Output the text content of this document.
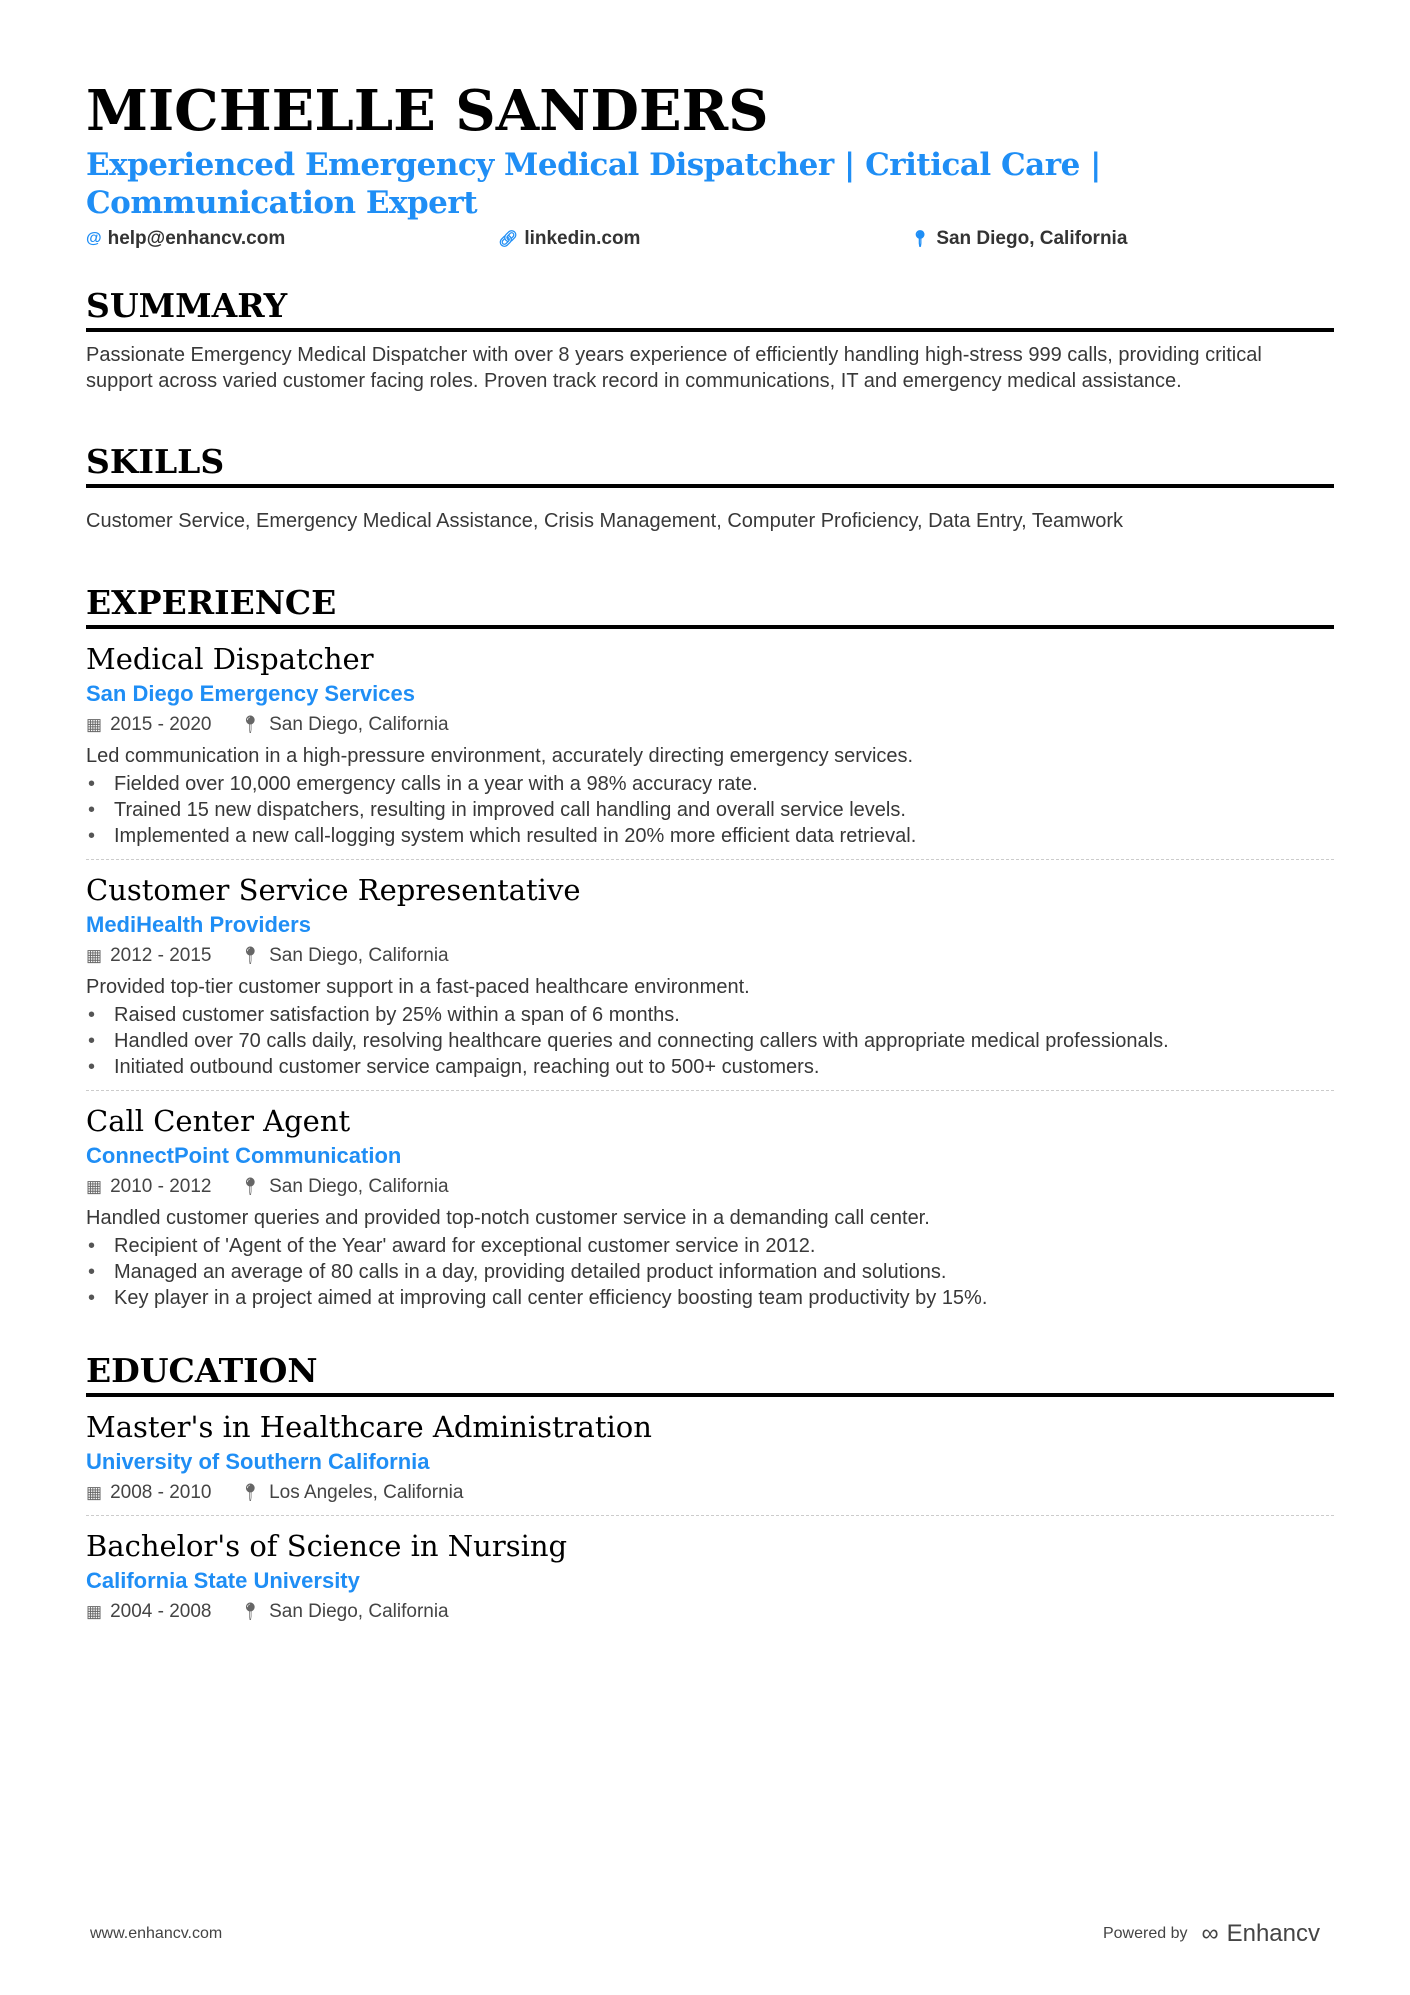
MICHELLE SANDERS
Experienced Emergency Medical Dispatcher | Critical Care | Communication Expert
@ help@enhancv.com	🔗︎ linkedin.com	📍︎ San Diego, California
SUMMARY

Passionate Emergency Medical Dispatcher with over 8 years experience of efficiently handling high-stress 999 calls, providing critical support across varied customer facing roles. Proven track record in communications, IT and emergency medical assistance.

SKILLS

Customer Service, Emergency Medical Assistance, Crisis Management, Computer Proficiency, Data Entry, Teamwork

EXPERIENCE
Medical Dispatcher
San Diego Emergency Services
▦ 2015 - 2020 📍︎ San Diego, California
Led communication in a high-pressure environment, accurately directing emergency services.
• Fielded over 10,000 emergency calls in a year with a 98% accuracy rate.
• Trained 15 new dispatchers, resulting in improved call handling and overall service levels.
• Implemented a new call-logging system which resulted in 20% more efficient data retrieval.
Customer Service Representative
MediHealth Providers
▦ 2012 - 2015 📍︎ San Diego, California
Provided top-tier customer support in a fast-paced healthcare environment.
• Raised customer satisfaction by 25% within a span of 6 months.
• Handled over 70 calls daily, resolving healthcare queries and connecting callers with appropriate medical professionals.
• Initiated outbound customer service campaign, reaching out to 500+ customers.
Call Center Agent
ConnectPoint Communication
▦ 2010 - 2012 📍︎ San Diego, California
Handled customer queries and provided top-notch customer service in a demanding call center.
• Recipient of 'Agent of the Year' award for exceptional customer service in 2012.
• Managed an average of 80 calls in a day, providing detailed product information and solutions.
• Key player in a project aimed at improving call center efficiency boosting team productivity by 15%.
EDUCATION
Master's in Healthcare Administration
University of Southern California
▦ 2008 - 2010 📍︎ Los Angeles, California
Bachelor's of Science in Nursing
California State University
▦ 2004 - 2008 📍︎ San Diego, California
www.enhancv.com	Powered by ∞ Enhancv
